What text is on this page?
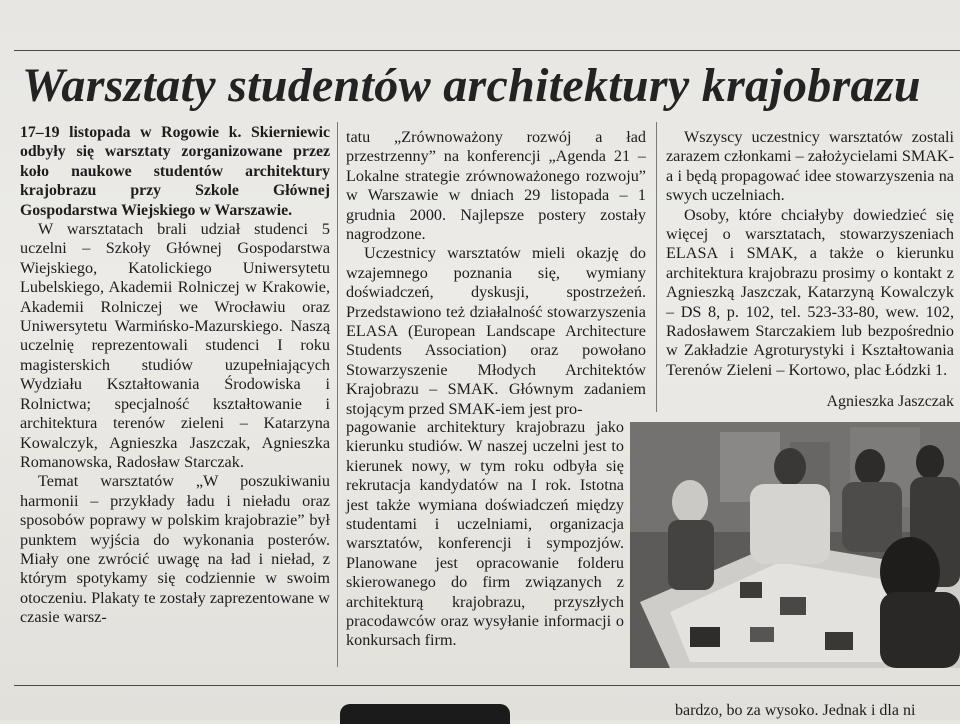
Warsztaty studentów architektury krajobrazu

17–19 listopada w Rogowie k. Skierniewic odbyły się warsztaty zorganizowane przez koło naukowe studentów architektury krajobrazu przy Szkole Głównej Gospodarstwa Wiejskiego w Warszawie.

W warsztatach brali udział studenci 5 uczelni – Szkoły Głównej Gospodarstwa Wiejskiego, Katolickiego Uniwersytetu Lubelskiego, Akademii Rolniczej w Krakowie, Akademii Rolniczej we Wrocławiu oraz Uniwersytetu Warmińsko-Mazurskiego. Naszą uczelnię reprezentowali studenci I roku magisterskich studiów uzupełniających Wydziału Kształtowania Środowiska i Rolnictwa; specjalność kształtowanie i architektura terenów zieleni – Katarzyna Kowalczyk, Agnieszka Jaszczak, Agnieszka Romanowska, Radosław Starczak.

Temat warsztatów „W poszukiwaniu harmonii – przykłady ładu i nieładu oraz sposobów poprawy w polskim krajobrazie” był punktem wyjścia do wykonania posterów. Miały one zwrócić uwagę na ład i nieład, z którym spotykamy się codziennie w swoim otoczeniu. Plakaty te zostały zaprezentowane w czasie warsz-

tatu „Zrównoważony rozwój a ład przestrzenny” na konferencji „Agenda 21 – Lokalne strategie zrównoważonego rozwoju” w Warszawie w dniach 29 listopada – 1 grudnia 2000. Najlepsze postery zostały nagrodzone.

Uczestnicy warsztatów mieli okazję do wzajemnego poznania się, wymiany doświadczeń, dyskusji, spostrzeżeń. Przedstawiono też działalność stowarzyszenia ELASA (European Landscape Architecture Students Association) oraz powołano Stowarzyszenie Młodych Architektów Krajobrazu – SMAK. Głównym zadaniem stojącym przed SMAK-iem jest pro-

pagowanie architektury krajobrazu jako kierunku studiów. W naszej uczelni jest to kierunek nowy, w tym roku odbyła się rekrutacja kandydatów na I rok. Istotna jest także wymiana doświadczeń między studentami i uczelniami, organizacja warsztatów, konferencji i sympozjów. Planowane jest opracowanie folderu skierowanego do firm związanych z architekturą krajobrazu, przyszłych pracodawców oraz wysyłanie informacji o konkursach firm.

Wszyscy uczestnicy warsztatów zostali zarazem członkami – założycielami SMAK-a i będą propagować idee stowarzyszenia na swych uczelniach.

Osoby, które chciałyby dowiedzieć się więcej o warsztatach, stowarzyszeniach ELASA i SMAK, a także o kierunku architektura krajobrazu prosimy o kontakt z Agnieszką Jaszczak, Katarzyną Kowalczyk – DS 8, p. 102, tel. 523-33-80, wew. 102, Radosławem Starczakiem lub bezpośrednio w Zakładzie Agroturystyki i Kształtowania Terenów Zieleni – Kortowo, plac Łódzki 1.

Agnieszka Jaszczak
bardzo, bo za wysoko. Jednak i dla ni
